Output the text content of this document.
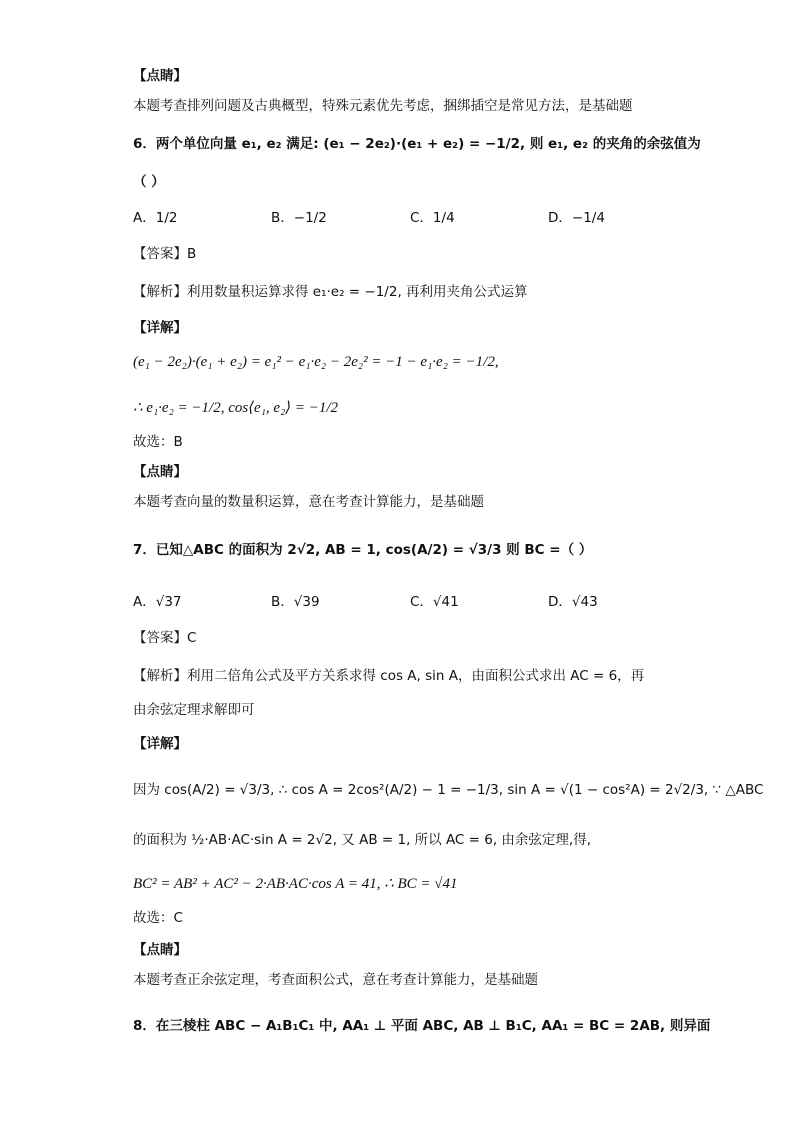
【点睛】
本题考查排列问题及古典概型，特殊元素优先考虑，捆绑插空是常见方法，是基础题
6．两个单位向量 e₁, e₂ 满足: (e₁ − 2e₂)·(e₁ + e₂) = −1/2, 则 e₁, e₂ 的夹角的余弦值为
（ ）
A．1/2	B．−1/2	C．1/4	D．−1/4
【答案】B
【解析】利用数量积运算求得 e₁·e₂ = −1/2, 再利用夹角公式运算
【详解】
(e₁ − 2e₂)·(e₁ + e₂) = e₁² − e₁·e₂ − 2e₂² = −1 − e₁·e₂ = −1/2,
∴ e₁·e₂ = −1/2, cos⟨e₁, e₂⟩ = −1/2
故选：B
【点睛】
本题考查向量的数量积运算，意在考查计算能力，是基础题
7．已知△ABC 的面积为 2√2, AB = 1, cos(A/2) = √3/3 则 BC =（ ）
A．√37	B．√39	C．√41	D．√43
【答案】C
【解析】利用二倍角公式及平方关系求得 cos A, sin A，由面积公式求出 AC = 6，再
由余弦定理求解即可
【详解】
因为 cos(A/2) = √3/3, ∴ cos A = 2cos²(A/2) − 1 = −1/3, sin A = √(1 − cos²A) = 2√2/3, ∵ △ABC
的面积为 ½·AB·AC·sin A = 2√2, 又 AB = 1, 所以 AC = 6, 由余弦定理,得,
BC² = AB² + AC² − 2·AB·AC·cos A = 41, ∴ BC = √41
故选：C
【点睛】
本题考查正余弦定理，考查面积公式，意在考查计算能力，是基础题
8．在三棱柱 ABC − A₁B₁C₁ 中, AA₁ ⊥ 平面 ABC, AB ⊥ B₁C, AA₁ = BC = 2AB, 则异面
